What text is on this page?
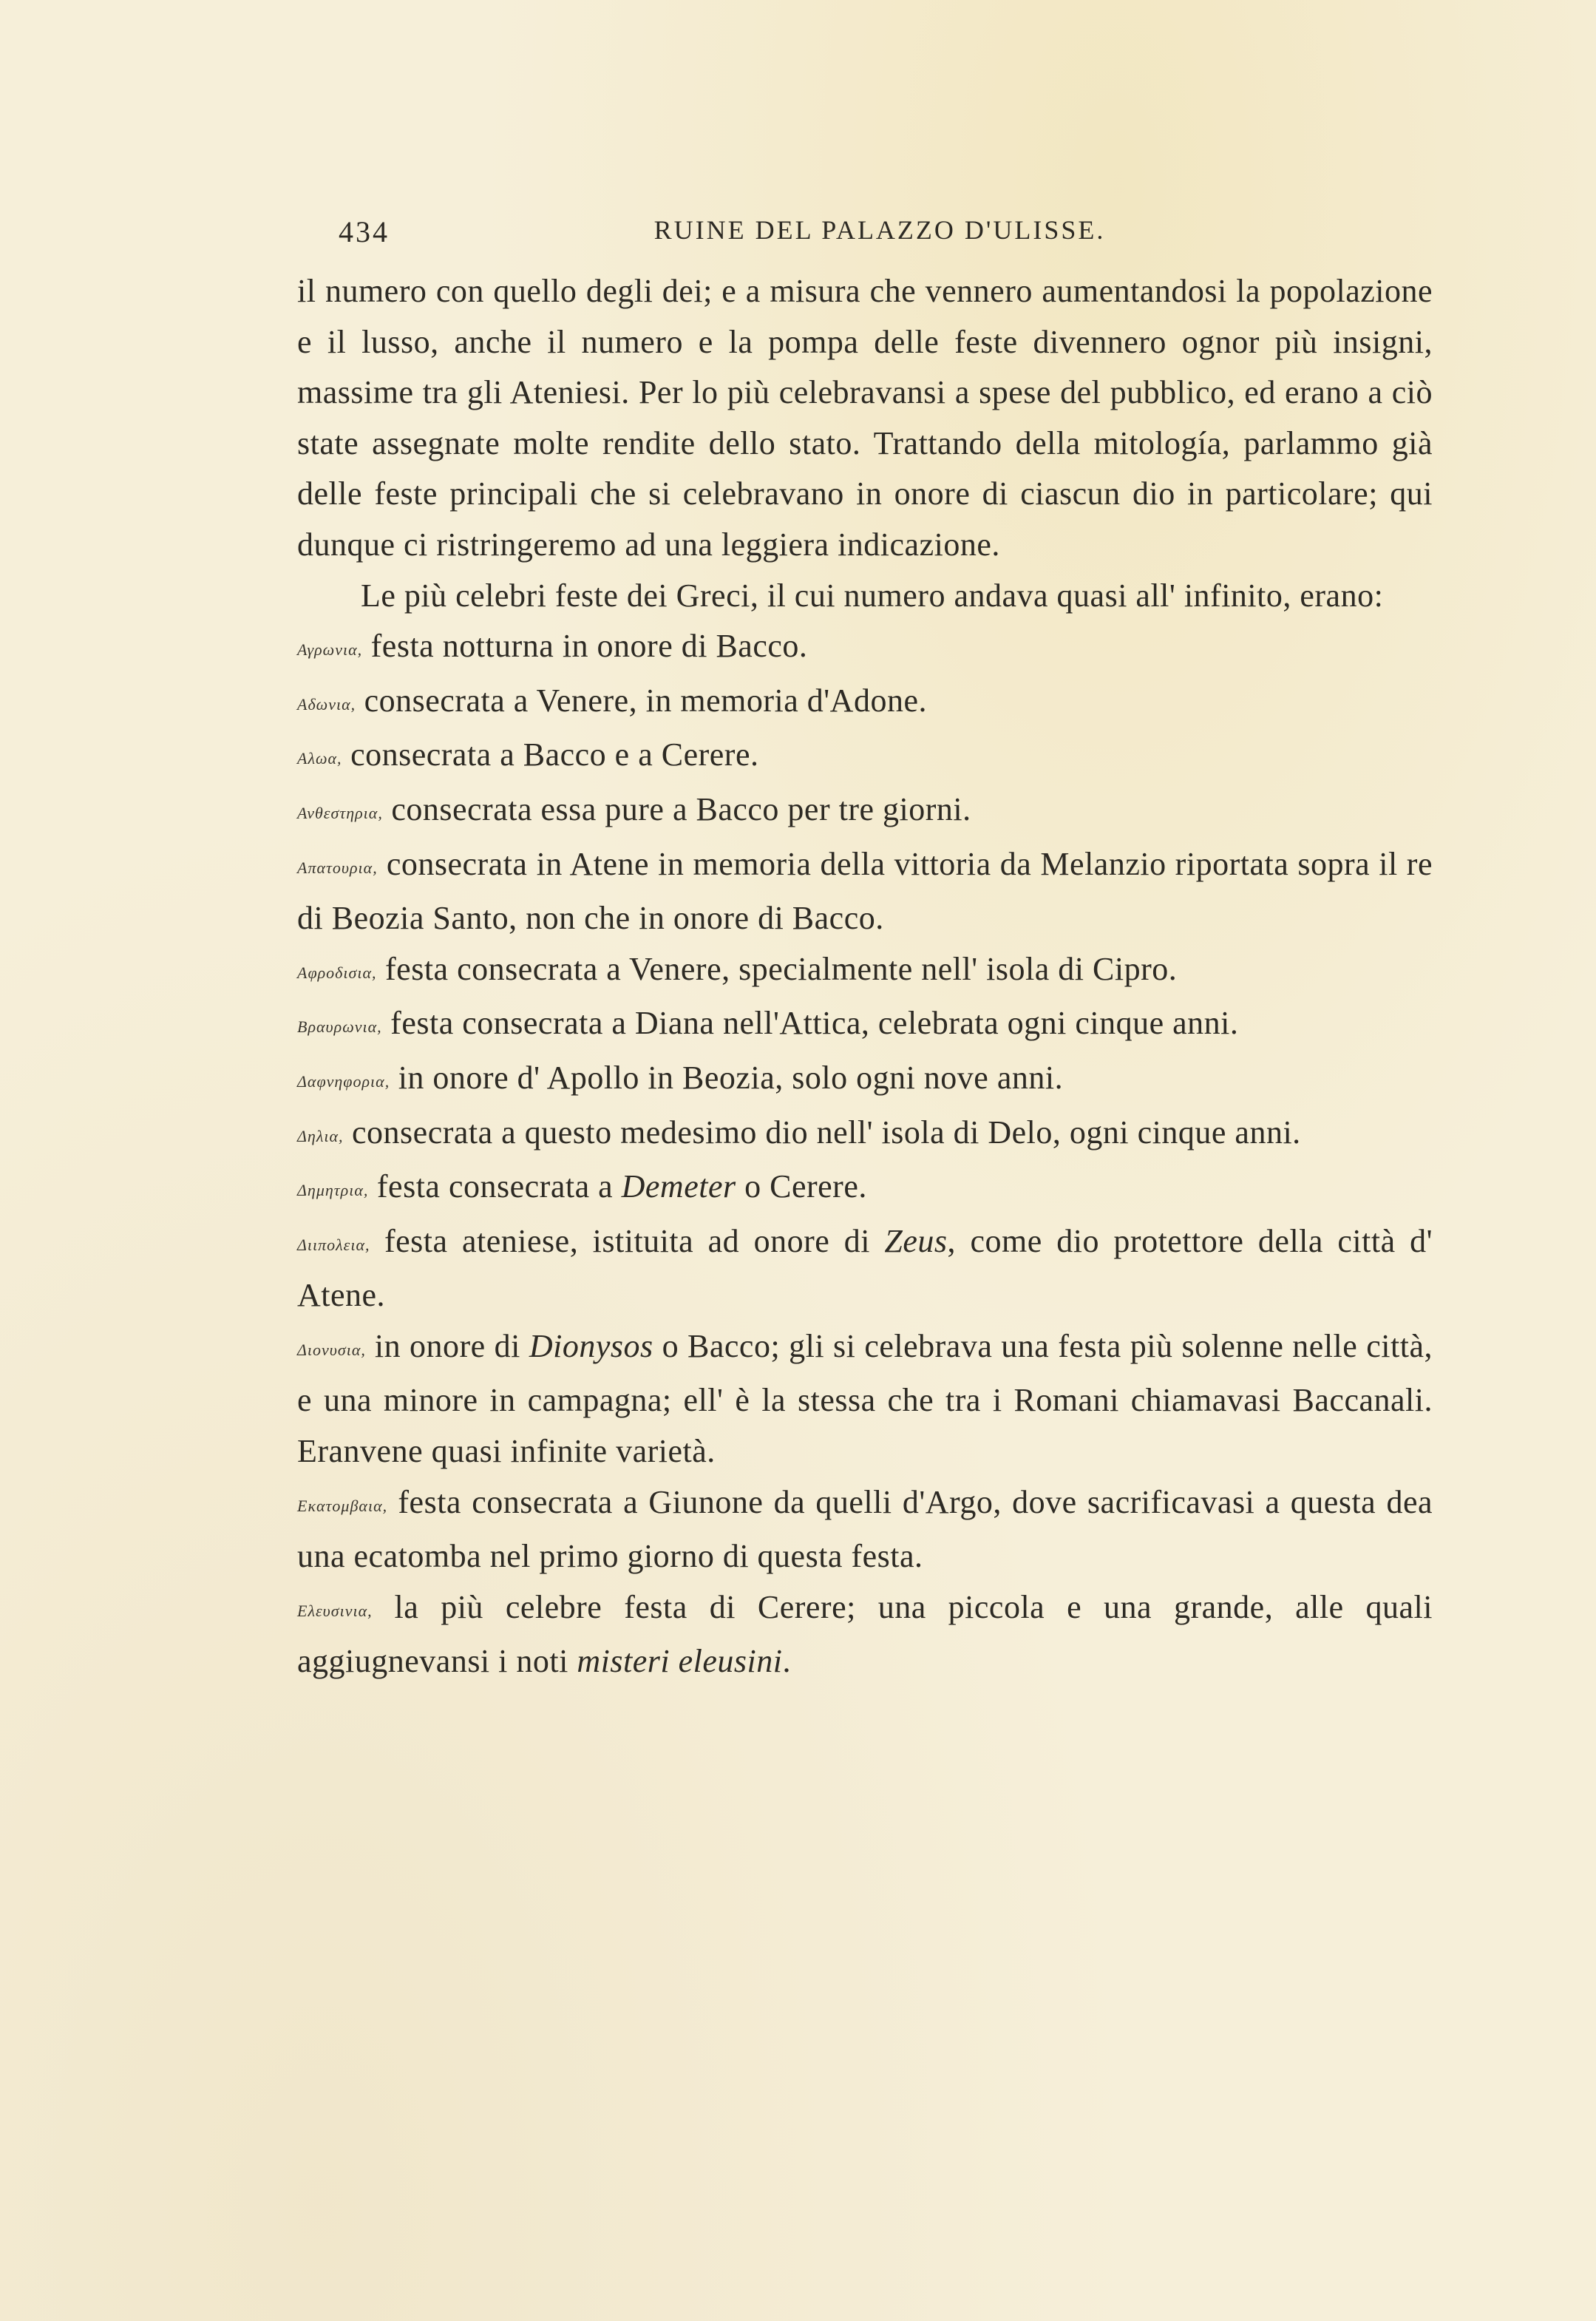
434	RUINE DEL PALAZZO D'ULISSE.

il numero con quello degli dei; e a misura che vennero aumentandosi la popolazione e il lusso, anche il numero e la pompa delle feste divennero ognor più insigni, massime tra gli Ateniesi. Per lo più celebravansi a spese del pubblico, ed erano a ciò state assegnate molte rendite dello stato. Trattando della mitología, parlammo già delle feste principali che si celebravano in onore di ciascun dio in particolare; qui dunque ci ristringeremo ad una leggiera indicazione.

Le più celebri feste dei Greci, il cui numero andava quasi all' infinito, erano:

Αγρωνια, festa notturna in onore di Bacco.

Αδωνια, consecrata a Venere, in memoria d'Adone.

Αλωα, consecrata a Bacco e a Cerere.

Ανθεστηρια, consecrata essa pure a Bacco per tre giorni.

Απατουρια, consecrata in Atene in memoria della vittoria da Melanzio riportata sopra il re di Beozia Santo, non che in onore di Bacco.

Αφροδισια, festa consecrata a Venere, specialmente nell' isola di Cipro.

Βραυρωνια, festa consecrata a Diana nell'Attica, celebrata ogni cinque anni.

Δαφνηφορια, in onore d' Apollo in Beozia, solo ogni nove anni.

Δηλια, consecrata a questo medesimo dio nell' isola di Delo, ogni cinque anni.

Δημητρια, festa consecrata a Demeter o Cerere.

Διιπολεια, festa ateniese, istituita ad onore di Zeus, come dio protettore della città d' Atene.

Διονυσια, in onore di Dionysos o Bacco; gli si celebrava una festa più solenne nelle città, e una minore in campagna; ell' è la stessa che tra i Romani chiamavasi Baccanali. Eranvene quasi infinite varietà.

Εκατομβαια, festa consecrata a Giunone da quelli d'Argo, dove sacrificavasi a questa dea una ecatomba nel primo giorno di questa festa.

Ελευσινια, la più celebre festa di Cerere; una piccola e una grande, alle quali aggiugnevansi i noti misteri eleusini.
